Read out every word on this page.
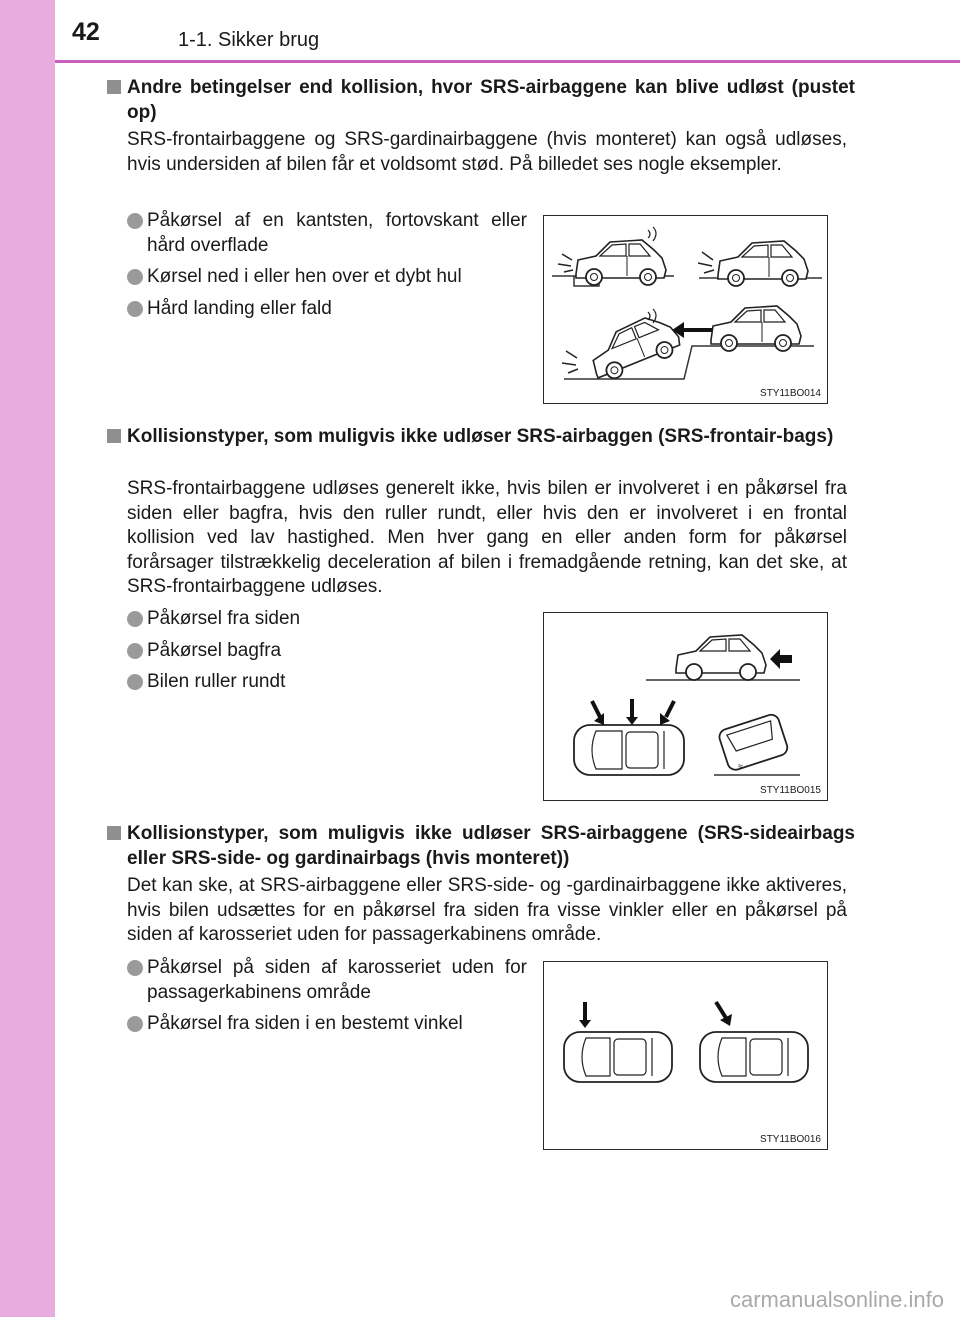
42	1-1. Sikker brug
Andre betingelser end kollision, hvor SRS-airbaggene kan blive udløst (pustet op)
SRS-frontairbaggene og SRS-gardinairbaggene (hvis monteret) kan også udløses, hvis undersiden af bilen får et voldsomt stød. På billedet ses nogle eksempler.
Påkørsel af en kantsten, fortovskant eller hård overflade
Kørsel ned i eller hen over et dybt hul
Hård landing eller fald
STY11BO014
Kollisionstyper, som muligvis ikke udløser SRS-airbaggen (SRS-frontair-bags)
SRS-frontairbaggene udløses generelt ikke, hvis bilen er involveret i en påkørsel fra siden eller bagfra, hvis den ruller rundt, eller hvis den er involveret i en frontal kollision ved lav hastighed. Men hver gang en eller anden form for påkørsel forårsager tilstrækkelig deceleration af bilen i fremadgående retning, kan det ske, at SRS-frontairbaggene udløses.
Påkørsel fra siden
Påkørsel bagfra
Bilen ruller rundt
≈
STY11BO015
Kollisionstyper, som muligvis ikke udløser SRS-airbaggene (SRS-sideairbags eller SRS-side- og gardinairbags (hvis monteret))
Det kan ske, at SRS-airbaggene eller SRS-side- og -gardinairbaggene ikke aktiveres, hvis bilen udsættes for en påkørsel fra siden fra visse vinkler eller en påkørsel på siden af karosseriet uden for passagerkabinens område.
Påkørsel på siden af karosseriet uden for passagerkabinens område
Påkørsel fra siden i en bestemt vinkel
STY11BO016
carmanualsonline.info
